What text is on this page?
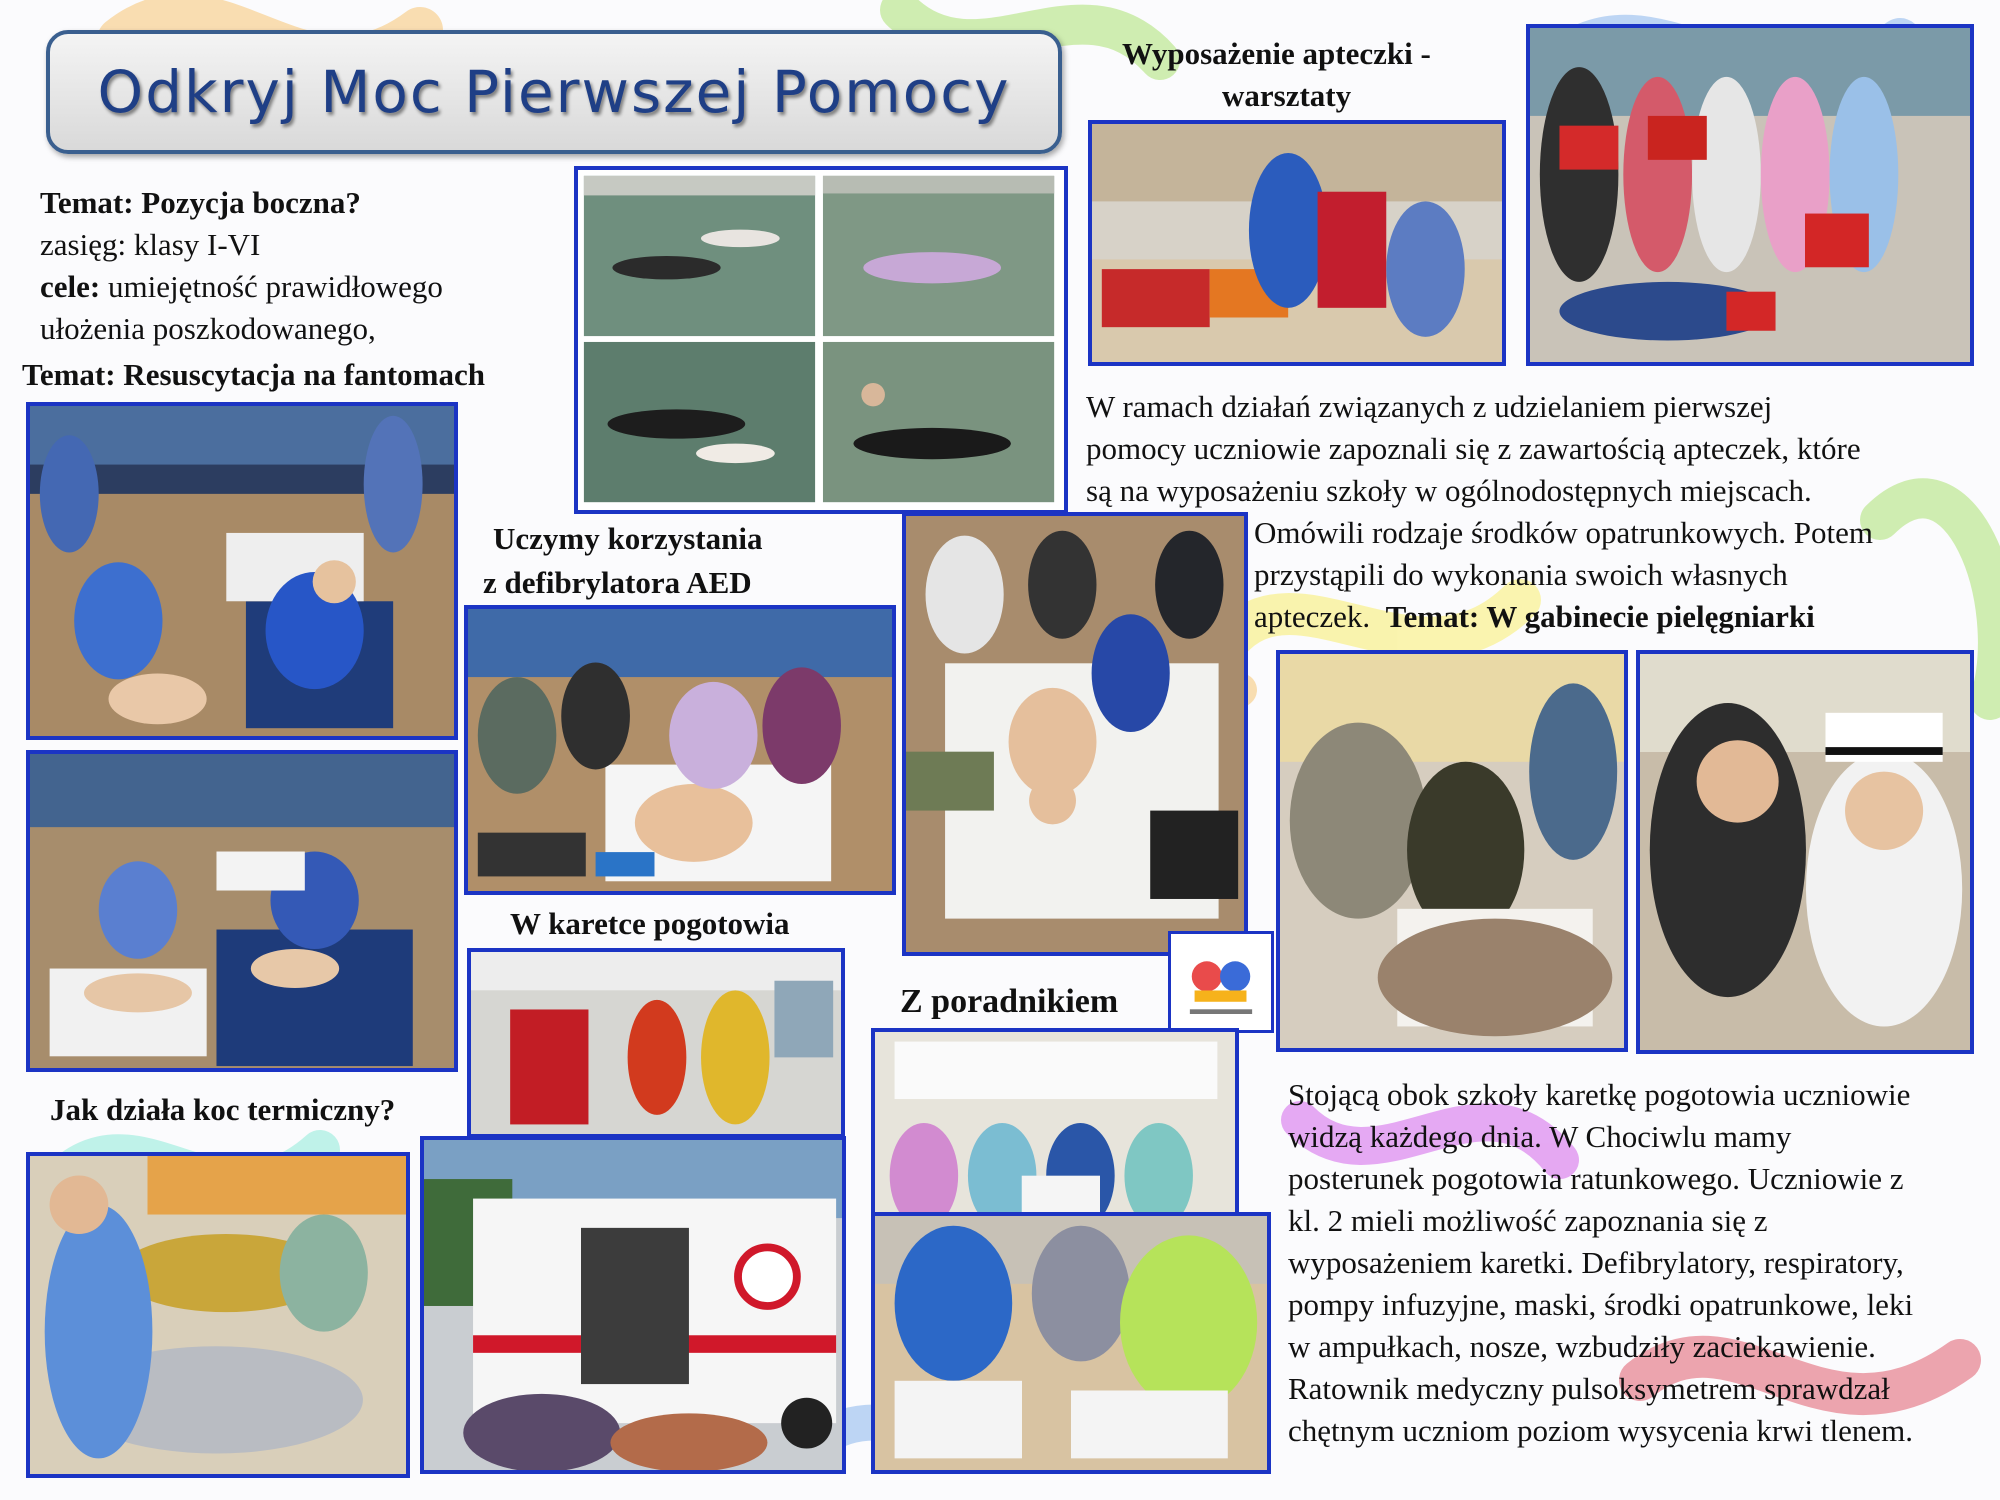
Odkryj Moc Pierwszej Pomocy
Temat: Pozycja boczna?
zasięg: klasy I-VI
cele: umiejętność prawidłowego
ułożenia poszkodowanego,
Temat: Resuscytacja na fantomach
Uczymy korzystania
z defibrylatora AED
W karetce pogotowia
Jak działa koc termiczny?
Z poradnikiem
Wyposażenie apteczki -
warsztaty
W ramach działań związanych z udzielaniem pierwszej
pomocy uczniowie zapoznali się z zawartością apteczek, które
są na wyposażeniu szkoły w ogólnodostępnych miejscach.
Omówili rodzaje środków opatrunkowych. Potem
przystąpili do wykonania swoich własnych
apteczek. Temat: W gabinecie pielęgniarki
Stojącą obok szkoły karetkę pogotowia uczniowie
widzą każdego dnia. W Chociwlu mamy
posterunek pogotowia ratunkowego. Uczniowie z
kl. 2 mieli możliwość zapoznania się z
wyposażeniem karetki. Defibrylatory, respiratory,
pompy infuzyjne, maski, środki opatrunkowe, leki
w ampułkach, nosze, wzbudziły zaciekawienie.
Ratownik medyczny pulsoksymetrem sprawdzał
chętnym uczniom poziom wysycenia krwi tlenem.
